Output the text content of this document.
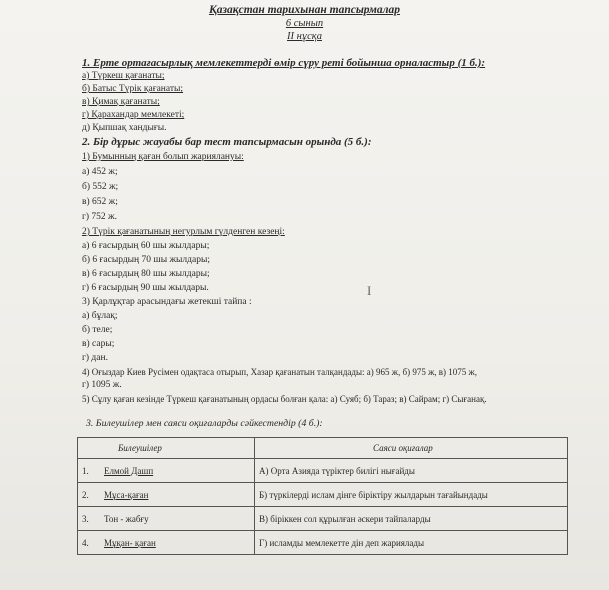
Қазақстан тарихынан тапсырмалар
6 сынып
ІІ нұсқа
1. Ерте ортағасырлық мемлекеттерді өмір сүру реті бойынша орналастыр (1 б.):
а) Түркеш қағанаты;
б) Батыс Түрік қағанаты;
в) Қимақ қағанаты;
г) Қарахандар мемлекеті;
д) Қыпшақ хандығы.
2. Бір дұрыс жауабы бар тест тапсырмасын орында (5 б.):
1) Бумынның қаған болып жариялануы:
а) 452 ж;
б) 552 ж;
в) 652 ж;
г) 752 ж.
2) Түрік қағанатының негурлым гүлденген кезеңі:
а) 6 ғасырдың 60 шы жылдары;
б) 6 ғасырдың 70 шы жылдары;
в) 6 ғасырдың 80 шы жылдары;
г) 6 ғасырдың 90 шы жылдары.
3) Қарлұқтар арасындағы жетекші тайпа :
а) бұлақ;
б) теле;
в) сары;
г) дан.
4) Оғыздар Киев Русімен одақтаса отырып, Хазар қағанатын талқандады: а) 965 ж, б) 975 ж, в) 1075 ж,
г) 1095 ж.
5) Сұлу қаған кезінде Түркеш қағанатының ордасы болған қала: а) Суяб; б) Тараз; в) Сайрам; г) Сығанақ.
I
3. Билеушілер мен саяси оқиғаларды сәйкестендір (4 б.):
Билеушілер	Саяси оқиғалар
1. Елмой Дашп	А) Орта Азияда түріктер билігі нығайды
2. Мұса-қаған	Б) түркілерді ислам дінге біріктіру жылдарын тағайындады
3. Тон - жабғу	В) біріккен сол құрылған әскери тайпаларды
4. Мұқан- қаған	Г) исламды мемлекетте дін деп жариялады
